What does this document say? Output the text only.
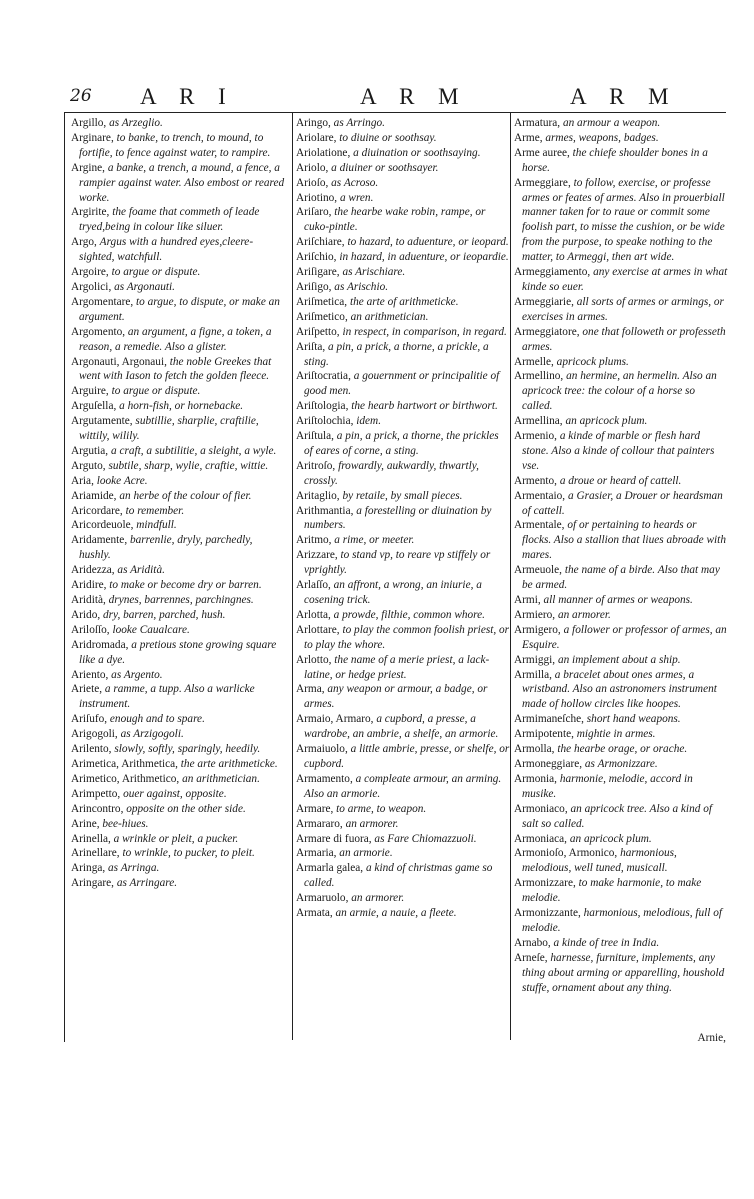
26 A R I	A R M	A R M

Argillo, as Arzeglio.

Arginare, to banke, to trench, to mound, to fortifie, to fence against water, to rampire.

Argine, a banke, a trench, a mound, a fence, a rampier against water. Also embost or reared worke.

Argirite, the foame that commeth of leade tryed,being in colour like siluer.

Argo, Argus with a hundred eyes,cleere-sighted, watchfull.

Argoire, to argue or dispute.

Argolici, as Argonauti.

Argomentare, to argue, to dispute, or make an argument.

Argomento, an argument, a figne, a token, a reason, a remedie. Also a glister.

Argonauti, Argonaui, the noble Greekes that went with Iason to fetch the golden fleece.

Arguire, to argue or dispute.

Arguſella, a horn-fish, or hornebacke.

Argutamente, subtillie, sharplie, craftilie, wittily, wilily.

Argutia, a craft, a subtilitie, a sleight, a wyle.

Arguto, subtile, sharp, wylie, craftie, wittie.

Aria, looke Acre.

Ariamide, an herbe of the colour of fier.

Aricordare, to remember.

Aricordeuole, mindfull.

Aridamente, barrenlie, dryly, parchedly, hushly.

Aridezza, as Aridità.

Aridire, to make or become dry or barren.

Aridità, drynes, barrennes, parchingnes.

Arido, dry, barren, parched, hush.

Ariloſſo, looke Caualcare.

Aridromada, a pretious stone growing square like a dye.

Ariento, as Argento.

Ariete, a ramme, a tupp. Also a warlicke instrument.

Ariſufo, enough and to spare.

Arigogoli, as Arzigogoli.

Arilento, slowly, softly, sparingly, heedily.

Arimetica, Arithmetica, the arte arithmeticke.

Arimetico, Arithmetico, an arithmetician.

Arimpetto, ouer against, opposite.

Arincontro, opposite on the other side.

Arine, bee-hiues.

Arinella, a wrinkle or pleit, a pucker.

Arinellare, to wrinkle, to pucker, to pleit.

Aringa, as Arringa.

Aringare, as Arringare.

Aringo, as Arringo.

Ariolare, to diuine or soothsay.

Ariolatione, a diuination or soothsaying.

Ariolo, a diuiner or soothsayer.

Arioſo, as Acroso.

Ariotino, a wren.

Ariſaro, the hearbe wake robin, rampe, or cuko-pintle.

Ariſchiare, to hazard, to aduenture, or ieopard.

Ariſchio, in hazard, in aduenture, or ieopardie.

Ariſigare, as Arischiare.

Ariſigo, as Arischio.

Ariſmetica, the arte of arithmeticke.

Ariſmetico, an arithmetician.

Ariſpetto, in respect, in comparison, in regard.

Ariſta, a pin, a prick, a thorne, a prickle, a sting.

Ariſtocratia, a gouernment or principalitie of good men.

Ariſtologia, the hearb hartwort or birthwort.

Ariſtolochia, idem.

Ariſtula, a pin, a prick, a thorne, the prickles of eares of corne, a sting.

Aritroſo, frowardly, aukwardly, thwartly, crossly.

Aritaglio, by retaile, by small pieces.

Arithmantia, a forestelling or diuination by numbers.

Aritmo, a rime, or meeter.

Arizzare, to stand vp, to reare vp stiffely or vprightly.

Arlaſſo, an affront, a wrong, an iniurie, a cosening trick.

Arlotta, a prowde, filthie, common whore.

Arlottare, to play the common foolish priest, or to play the whore.

Arlotto, the name of a merie priest, a lack-latine, or hedge priest.

Arma, any weapon or armour, a badge, or armes.

Armaio, Armaro, a cupbord, a presse, a wardrobe, an ambrie, a shelfe, an armorie.

Armaiuolo, a little ambrie, presse, or shelfe, or cupbord.

Armamento, a compleate armour, an arming. Also an armorie.

Armare, to arme, to weapon.

Armararo, an armorer.

Armare di fuora, as Fare Chiomazzuoli.

Armaria, an armorie.

Armarla galea, a kind of christmas game so called.

Armaruolo, an armorer.

Armata, an armie, a nauie, a fleete.

Armatura, an armour a weapon.

Arme, armes, weapons, badges.

Arme auree, the chiefe shoulder bones in a horse.

Armeggiare, to follow, exercise, or professe armes or feates of armes. Also in prouerbiall manner taken for to raue or commit some foolish part, to misse the cushion, or be wide from the purpose, to speake nothing to the matter, to Armeggi, then art wide.

Armeggiamento, any exercise at armes in what kinde so euer.

Armeggiarie, all sorts of armes or armings, or exercises in armes.

Armeggiatore, one that followeth or professeth armes.

Armelle, apricock plums.

Armellino, an hermine, an hermelin. Also an apricock tree: the colour of a horse so called.

Armellina, an apricock plum.

Armenio, a kinde of marble or flesh hard stone. Also a kinde of collour that painters vse.

Armento, a droue or heard of cattell.

Armentaio, a Grasier, a Drouer or heardsman of cattell.

Armentale, of or pertaining to heards or flocks. Also a stallion that liues abroade with mares.

Armeuole, the name of a birde. Also that may be armed.

Armi, all manner of armes or weapons.

Armiero, an armorer.

Armigero, a follower or professor of armes, an Esquire.

Armiggi, an implement about a ship.

Armilla, a bracelet about ones armes, a wristband. Also an astronomers instrument made of hollow circles like hoopes.

Armimaneſche, short hand weapons.

Armipotente, mightie in armes.

Armolla, the hearbe orage, or orache.

Armoneggiare, as Armonizzare.

Armonia, harmonie, melodie, accord in musike.

Armoniaco, an apricock tree. Also a kind of salt so called.

Armoniaca, an apricock plum.

Armonioſo, Armonico, harmonious, melodious, well tuned, musicall.

Armonizzare, to make harmonie, to make melodie.

Armonizzante, harmonious, melodious, full of melodie.

Arnabo, a kinde of tree in India.

Arneſe, harnesse, furniture, implements, any thing about arming or apparelling, houshold stuffe, ornament about any thing.

Arnie,
